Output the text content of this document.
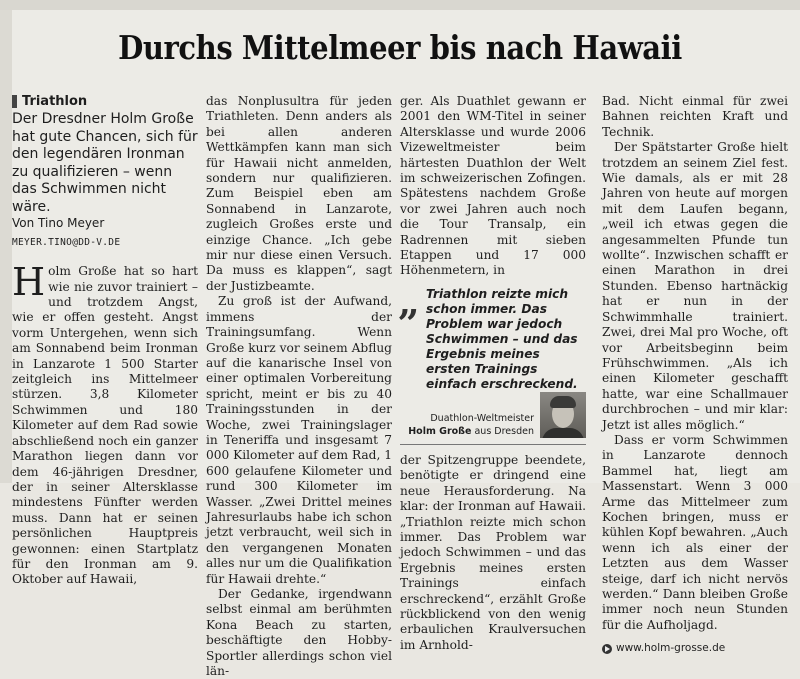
Durchs Mittelmeer bis nach Hawaii
Triathlon

Der Dresdner Holm Große hat gute Chancen, sich für den legendären Ironman zu qualifizieren – wenn das Schwimmen nicht wäre.

Von Tino Meyer
MEYER.TINO@DD-V.DE

Holm Große hat so hart wie nie zuvor trainiert – und trotzdem Angst, wie er offen gesteht. Angst vorm Untergehen, wenn sich am Sonnabend beim Ironman in Lanzarote 1 500 Starter zeitgleich ins Mittelmeer stürzen. 3,8 Kilometer Schwimmen und 180 Kilometer auf dem Rad sowie abschließend noch ein ganzer Marathon liegen dann vor dem 46-jährigen Dresdner, der in seiner Altersklasse mindestens Fünfter werden muss. Dann hat er seinen persönlichen Hauptpreis gewonnen: einen Startplatz für den Ironman am 9. Oktober auf Hawaii,

das Nonplusultra für jeden Triathleten. Denn anders als bei allen anderen Wettkämpfen kann man sich für Hawaii nicht anmelden, sondern nur qualifizieren. Zum Beispiel eben am Sonnabend in Lanzarote, zugleich Großes erste und einzige Chance. „Ich gebe mir nur diese einen Versuch. Da muss es klappen“, sagt der Justizbeamte.

Zu groß ist der Aufwand, immens der Trainingsumfang. Wenn Große kurz vor seinem Abflug auf die kanarische Insel von einer optimalen Vorbereitung spricht, meint er bis zu 40 Trainingsstunden in der Woche, zwei Trainingslager in Teneriffa und insgesamt 7 000 Kilometer auf dem Rad, 1 600 gelaufene Kilometer und rund 300 Kilometer im Wasser. „Zwei Drittel meines Jahresurlaubs habe ich schon jetzt verbraucht, weil sich in den vergangenen Monaten alles nur um die Qualifikation für Hawaii drehte.“

Der Gedanke, irgendwann selbst einmal am berühmten Kona Beach zu starten, beschäftigte den Hobby-Sportler allerdings schon viel län-

ger. Als Duathlet gewann er 2001 den WM-Titel in seiner Altersklasse und wurde 2006 Vizeweltmeister beim härtesten Duathlon der Welt im schweizerischen Zofingen. Spätestens nachdem Große vor zwei Jahren auch noch die Tour Transalp, ein Radrennen mit sieben Etappen und 17 000 Höhenmetern, in

„ Triathlon reizte mich schon immer. Das Problem war jedoch Schwimmen – und das Ergebnis meines ersten Trainings einfach erschreckend.
Duathlon-Weltmeister
Holm Große aus Dresden

der Spitzengruppe beendete, benötigte er dringend eine neue Herausforderung. Na klar: der Ironman auf Hawaii. „Triathlon reizte mich schon immer. Das Problem war jedoch Schwimmen – und das Ergebnis meines ersten Trainings einfach erschreckend“, erzählt Große rückblickend von den wenig erbaulichen Kraulversuchen im Arnhold-

Bad. Nicht einmal für zwei Bahnen reichten Kraft und Technik.

Der Spätstarter Große hielt trotzdem an seinem Ziel fest. Wie damals, als er mit 28 Jahren von heute auf morgen mit dem Laufen begann, „weil ich etwas gegen die angesammelten Pfunde tun wollte“. Inzwischen schafft er einen Marathon in drei Stunden. Ebenso hartnäckig hat er nun in der Schwimmhalle trainiert. Zwei, drei Mal pro Woche, oft vor Arbeitsbeginn beim Frühschwimmen. „Als ich einen Kilometer geschafft hatte, war eine Schallmauer durchbrochen – und mir klar: Jetzt ist alles möglich.“

Dass er vorm Schwimmen in Lanzarote dennoch Bammel hat, liegt am Massenstart. Wenn 3 000 Arme das Mittelmeer zum Kochen bringen, muss er kühlen Kopf bewahren. „Auch wenn ich als einer der Letzten aus dem Wasser steige, darf ich nicht nervös werden.“ Dann bleiben Große immer noch neun Stunden für die Aufholjagd.

www.holm-grosse.de
